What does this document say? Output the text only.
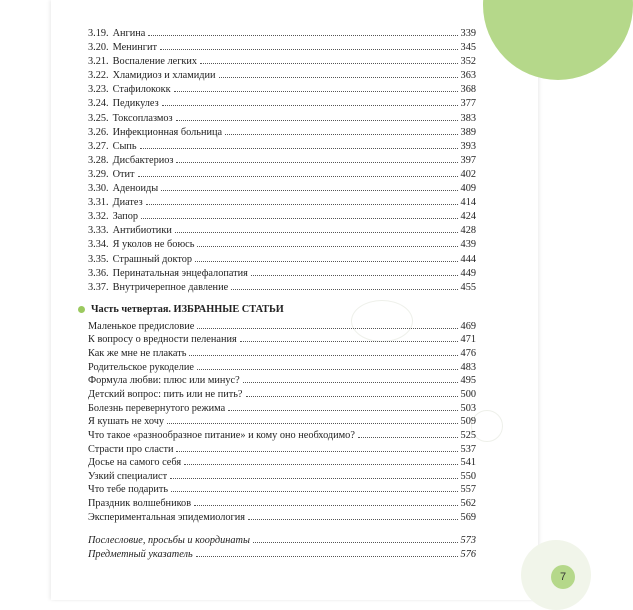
3.19. Ангина	339
3.20. Менингит	345
3.21. Воспаление легких	352
3.22. Хламидиоз и хламидии	363
3.23. Стафилококк	368
3.24. Педикулез	377
3.25. Токсоплазмоз	383
3.26. Инфекционная больница	389
3.27. Сыпь	393
3.28. Дисбактериоз	397
3.29. Отит	402
3.30. Аденоиды	409
3.31. Диатез	414
3.32. Запор	424
3.33. Антибиотики	428
3.34. Я уколов не боюсь	439
3.35. Страшный доктор	444
3.36. Перинатальная энцефалопатия	449
3.37. Внутричерепное давление	455
Часть четвертая. ИЗБРАННЫЕ СТАТЬИ
Маленькое предисловие	469
К вопросу о вредности пеленания	471
Как же мне не плакать	476
Родительское рукоделие	483
Формула любви: плюс или минус?	495
Детский вопрос: пить или не пить?	500
Болезнь перевернутого режима	503
Я кушать не хочу	509
Что такое «разнообразное питание» и кому оно необходимо?	525
Страсти про сласти	537
Досье на самого себя	541
Узкий специалист	550
Что тебе подарить	557
Праздник волшебников	562
Экспериментальная эпидемиология	569
Послесловие, просьбы и координаты	573
Предметный указатель	576
7
